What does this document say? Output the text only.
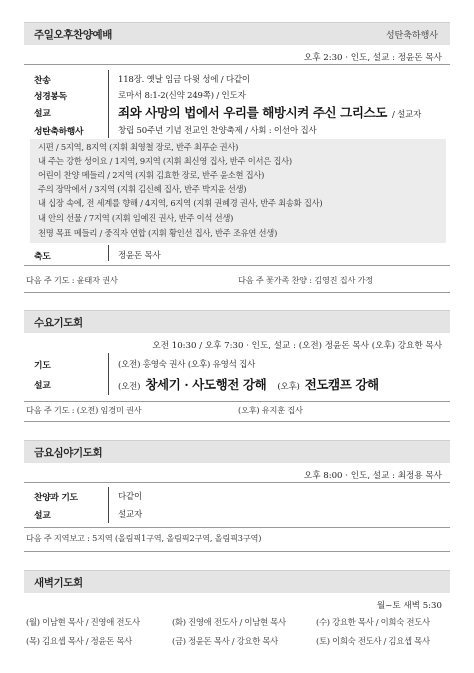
주일오후찬양예배	성탄축하행사
오후 2:30 · 인도, 설교 : 정윤돈 목사
찬송	118장. 옛날 임금 다윗 성에 / 다같이
성경봉독	로마서 8:1-2(신약 249쪽) / 인도자
설교	죄와 사망의 법에서 우리를 해방시켜 주신 그리스도 / 설교자
성탄축하행사	창립 50주년 기념 전교인 찬양축제 / 사회 : 이선아 집사
시편 / 5지역, 8지역 (지휘 최영철 장로, 반주 최푸순 권사)
내 주는 강한 성이요 / 1지역, 9지역 (지휘 최신영 집사, 반주 이서은 집사)
어린이 찬양 메들리 / 2지역 (지휘 김효한 장로, 반주 윤소현 집사)
주의 장막에서 / 3지역 (지휘 김신혜 집사, 반주 박지윤 선생)
내 십장 속에, 전 세계를 향해 / 4지역, 6지역 (지휘 권혜경 권사, 반주 최송화 집사)
내 안의 선물 / 7지역 (지휘 임예진 권사, 반주 이석 선생)
천명 목표 메들리 / 중직자 연합 (지휘 황인선 집사, 반주 조유연 선생)
축도	정윤돈 목사
다음 주 기도 : 윤태자 권사	다음 주 꽃가족 찬양 : 김영진 집사 가정
수요기도회
오전 10:30 / 오후 7:30 · 인도, 설교 : (오전) 정윤돈 목사 (오후) 강요한 목사
기도	(오전) 홍영숙 권사 (오후) 유영석 집사
설교	(오전) 창세기 · 사도행전 강해 (오후) 전도캠프 강해
다음 주 기도 : (오전) 임경미 권사	(오후) 유지훈 집사
금요심야기도회
오후 8:00 · 인도, 설교 : 최정용 목사
찬양과 기도	다같이
설교	설교자
다음 주 지역보고 : 5지역 (올림픽1구역, 올림픽2구역, 올림픽3구역)
새벽기도회
월~토 새벽 5:30
(월) 이남현 목사 / 진영애 전도사	(화) 진영애 전도사 / 이남현 목사	(수) 강요한 목사 / 이희숙 전도사
(목) 김요셉 목사 / 정윤돈 목사	(금) 정윤돈 목사 / 강요한 목사	(토) 이희숙 전도사 / 김요셉 목사
